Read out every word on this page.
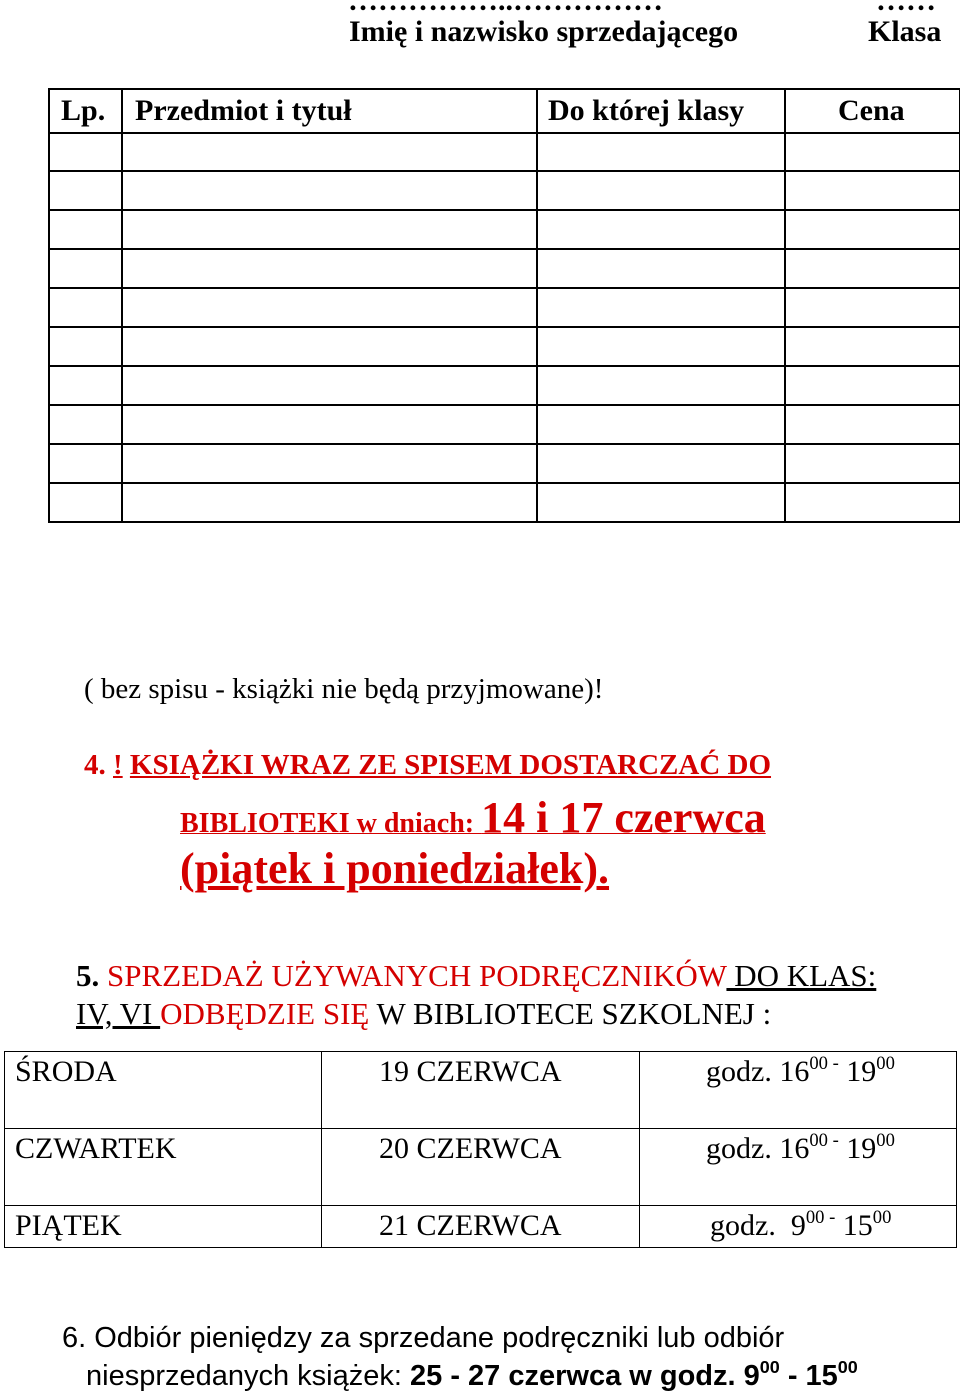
……………..……………	……
Imię i nazwisko sprzedającego	Klasa
Lp.	Przedmiot i tytuł	Do której klasy	Cena

( bez spisu - książki nie będą przyjmowane)!
4. ! KSIĄŻKI WRAZ ZE SPISEM DOSTARCZAĆ DO
BIBLIOTEKI w dniach: 14 i 17 czerwca
(piątek i poniedziałek).
5. SPRZEDAŻ UŻYWANYCH PODRĘCZNIKÓW DO KLAS:
IV, VI ODBĘDZIE SIĘ W BIBLIOTECE SZKOLNEJ :
ŚRODA	19 CZERWCA	godz. $16^{00 -}$ $19^{00}$
CZWARTEK	20 CZERWCA	godz. $16^{00 -}$ $19^{00}$
PIĄTEK	21 CZERWCA	godz. $9^{00 -}$ $15^{00}$
6. Odbiór pieniędzy za sprzedane podręczniki lub odbiór
niesprzedanych książek: 25 - 27 czerwca w godz. $9^{00} - 15^{00}$
